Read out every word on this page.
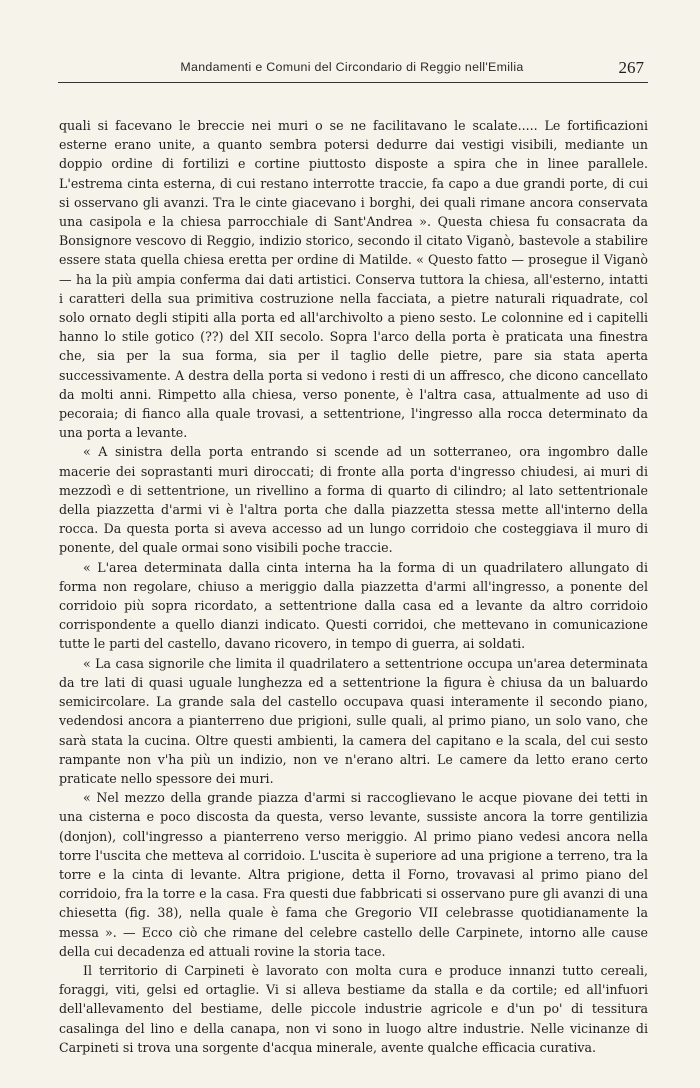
Mandamenti e Comuni del Circondario di Reggio nell'Emilia	267

quali si facevano le breccie nei muri o se ne facilitavano le scalate..... Le fortificazioni esterne erano unite, a quanto sembra potersi dedurre dai vestigi visibili, mediante un doppio ordine di fortilizi e cortine piuttosto disposte a spira che in linee parallele. L'estrema cinta esterna, di cui restano interrotte traccie, fa capo a due grandi porte, di cui si osservano gli avanzi. Tra le cinte giacevano i borghi, dei quali rimane ancora conservata una casipola e la chiesa parrocchiale di Sant'Andrea ». Questa chiesa fu consacrata da Bonsignore vescovo di Reggio, indizio storico, secondo il citato Viganò, bastevole a stabilire essere stata quella chiesa eretta per ordine di Matilde. « Questo fatto — prosegue il Viganò — ha la più ampia conferma dai dati artistici. Conserva tuttora la chiesa, all'esterno, intatti i caratteri della sua primitiva costruzione nella facciata, a pietre naturali riquadrate, col solo ornato degli stipiti alla porta ed all'archivolto a pieno sesto. Le colonnine ed i capitelli hanno lo stile gotico (??) del XII secolo. Sopra l'arco della porta è praticata una finestra che, sia per la sua forma, sia per il taglio delle pietre, pare sia stata aperta successivamente. A destra della porta si vedono i resti di un affresco, che dicono cancellato da molti anni. Rimpetto alla chiesa, verso ponente, è l'altra casa, attualmente ad uso di pecoraia; di fianco alla quale trovasi, a settentrione, l'ingresso alla rocca determinato da una porta a levante.

« A sinistra della porta entrando si scende ad un sotterraneo, ora ingombro dalle macerie dei soprastanti muri diroccati; di fronte alla porta d'ingresso chiudesi, ai muri di mezzodì e di settentrione, un rivellino a forma di quarto di cilindro; al lato settentrionale della piazzetta d'armi vi è l'altra porta che dalla piazzetta stessa mette all'interno della rocca. Da questa porta si aveva accesso ad un lungo corridoio che costeggiava il muro di ponente, del quale ormai sono visibili poche traccie.

« L'area determinata dalla cinta interna ha la forma di un quadrilatero allungato di forma non regolare, chiuso a meriggio dalla piazzetta d'armi all'ingresso, a ponente del corridoio più sopra ricordato, a settentrione dalla casa ed a levante da altro corridoio corrispondente a quello dianzi indicato. Questi corridoi, che mettevano in comunicazione tutte le parti del castello, davano ricovero, in tempo di guerra, ai soldati.

« La casa signorile che limita il quadrilatero a settentrione occupa un'area determinata da tre lati di quasi uguale lunghezza ed a settentrione la figura è chiusa da un baluardo semicircolare. La grande sala del castello occupava quasi interamente il secondo piano, vedendosi ancora a pianterreno due prigioni, sulle quali, al primo piano, un solo vano, che sarà stata la cucina. Oltre questi ambienti, la camera del capitano e la scala, del cui sesto rampante non v'ha più un indizio, non ve n'erano altri. Le camere da letto erano certo praticate nello spessore dei muri.

« Nel mezzo della grande piazza d'armi si raccoglievano le acque piovane dei tetti in una cisterna e poco discosta da questa, verso levante, sussiste ancora la torre gentilizia (donjon), coll'ingresso a pianterreno verso meriggio. Al primo piano vedesi ancora nella torre l'uscita che metteva al corridoio. L'uscita è superiore ad una prigione a terreno, tra la torre e la cinta di levante. Altra prigione, detta il Forno, trovavasi al primo piano del corridoio, fra la torre e la casa. Fra questi due fabbricati si osservano pure gli avanzi di una chiesetta (fig. 38), nella quale è fama che Gregorio VII celebrasse quotidianamente la messa ». — Ecco ciò che rimane del celebre castello delle Carpinete, intorno alle cause della cui decadenza ed attuali rovine la storia tace.

Il territorio di Carpineti è lavorato con molta cura e produce innanzi tutto cereali, foraggi, viti, gelsi ed ortaglie. Vi si alleva bestiame da stalla e da cortile; ed all'infuori dell'allevamento del bestiame, delle piccole industrie agricole e d'un po' di tessitura casalinga del lino e della canapa, non vi sono in luogo altre industrie. Nelle vicinanze di Carpineti si trova una sorgente d'acqua minerale, avente qualche efficacia curativa.
